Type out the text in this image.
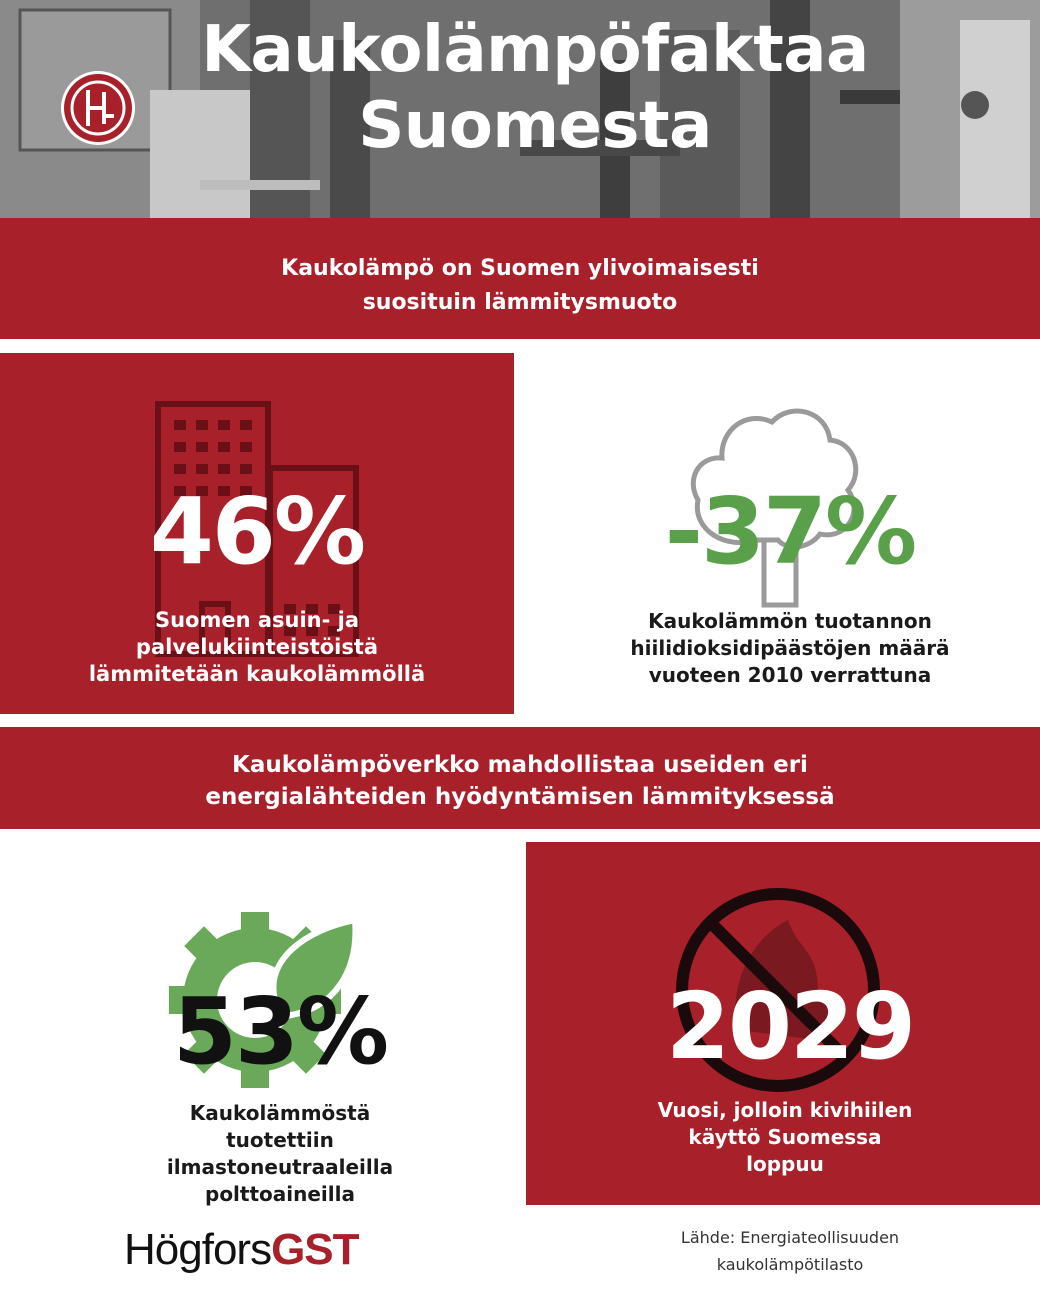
Kaukolämpöfaktaa
Suomesta
Kaukolämpö on Suomen ylivoimaisesti
suosituin lämmitysmuoto
46%
Suomen asuin- ja
palvelukiinteistöistä
lämmitetään kaukolämmöllä
-37%
Kaukolämmön tuotannon
hiilidioksidipäästöjen määrä
vuoteen 2010 verrattuna
Kaukolämpöverkko mahdollistaa useiden eri
energialähteiden hyödyntämisen lämmityksessä
53%
Kaukolämmöstä
tuotettiin ilmastoneutraaleilla
polttoaineilla
2029
Vuosi, jolloin kivihiilen
käyttö Suomessa
loppuu
HögforsGST	Lähde: Energiateollisuuden
kaukolämpötilasto
